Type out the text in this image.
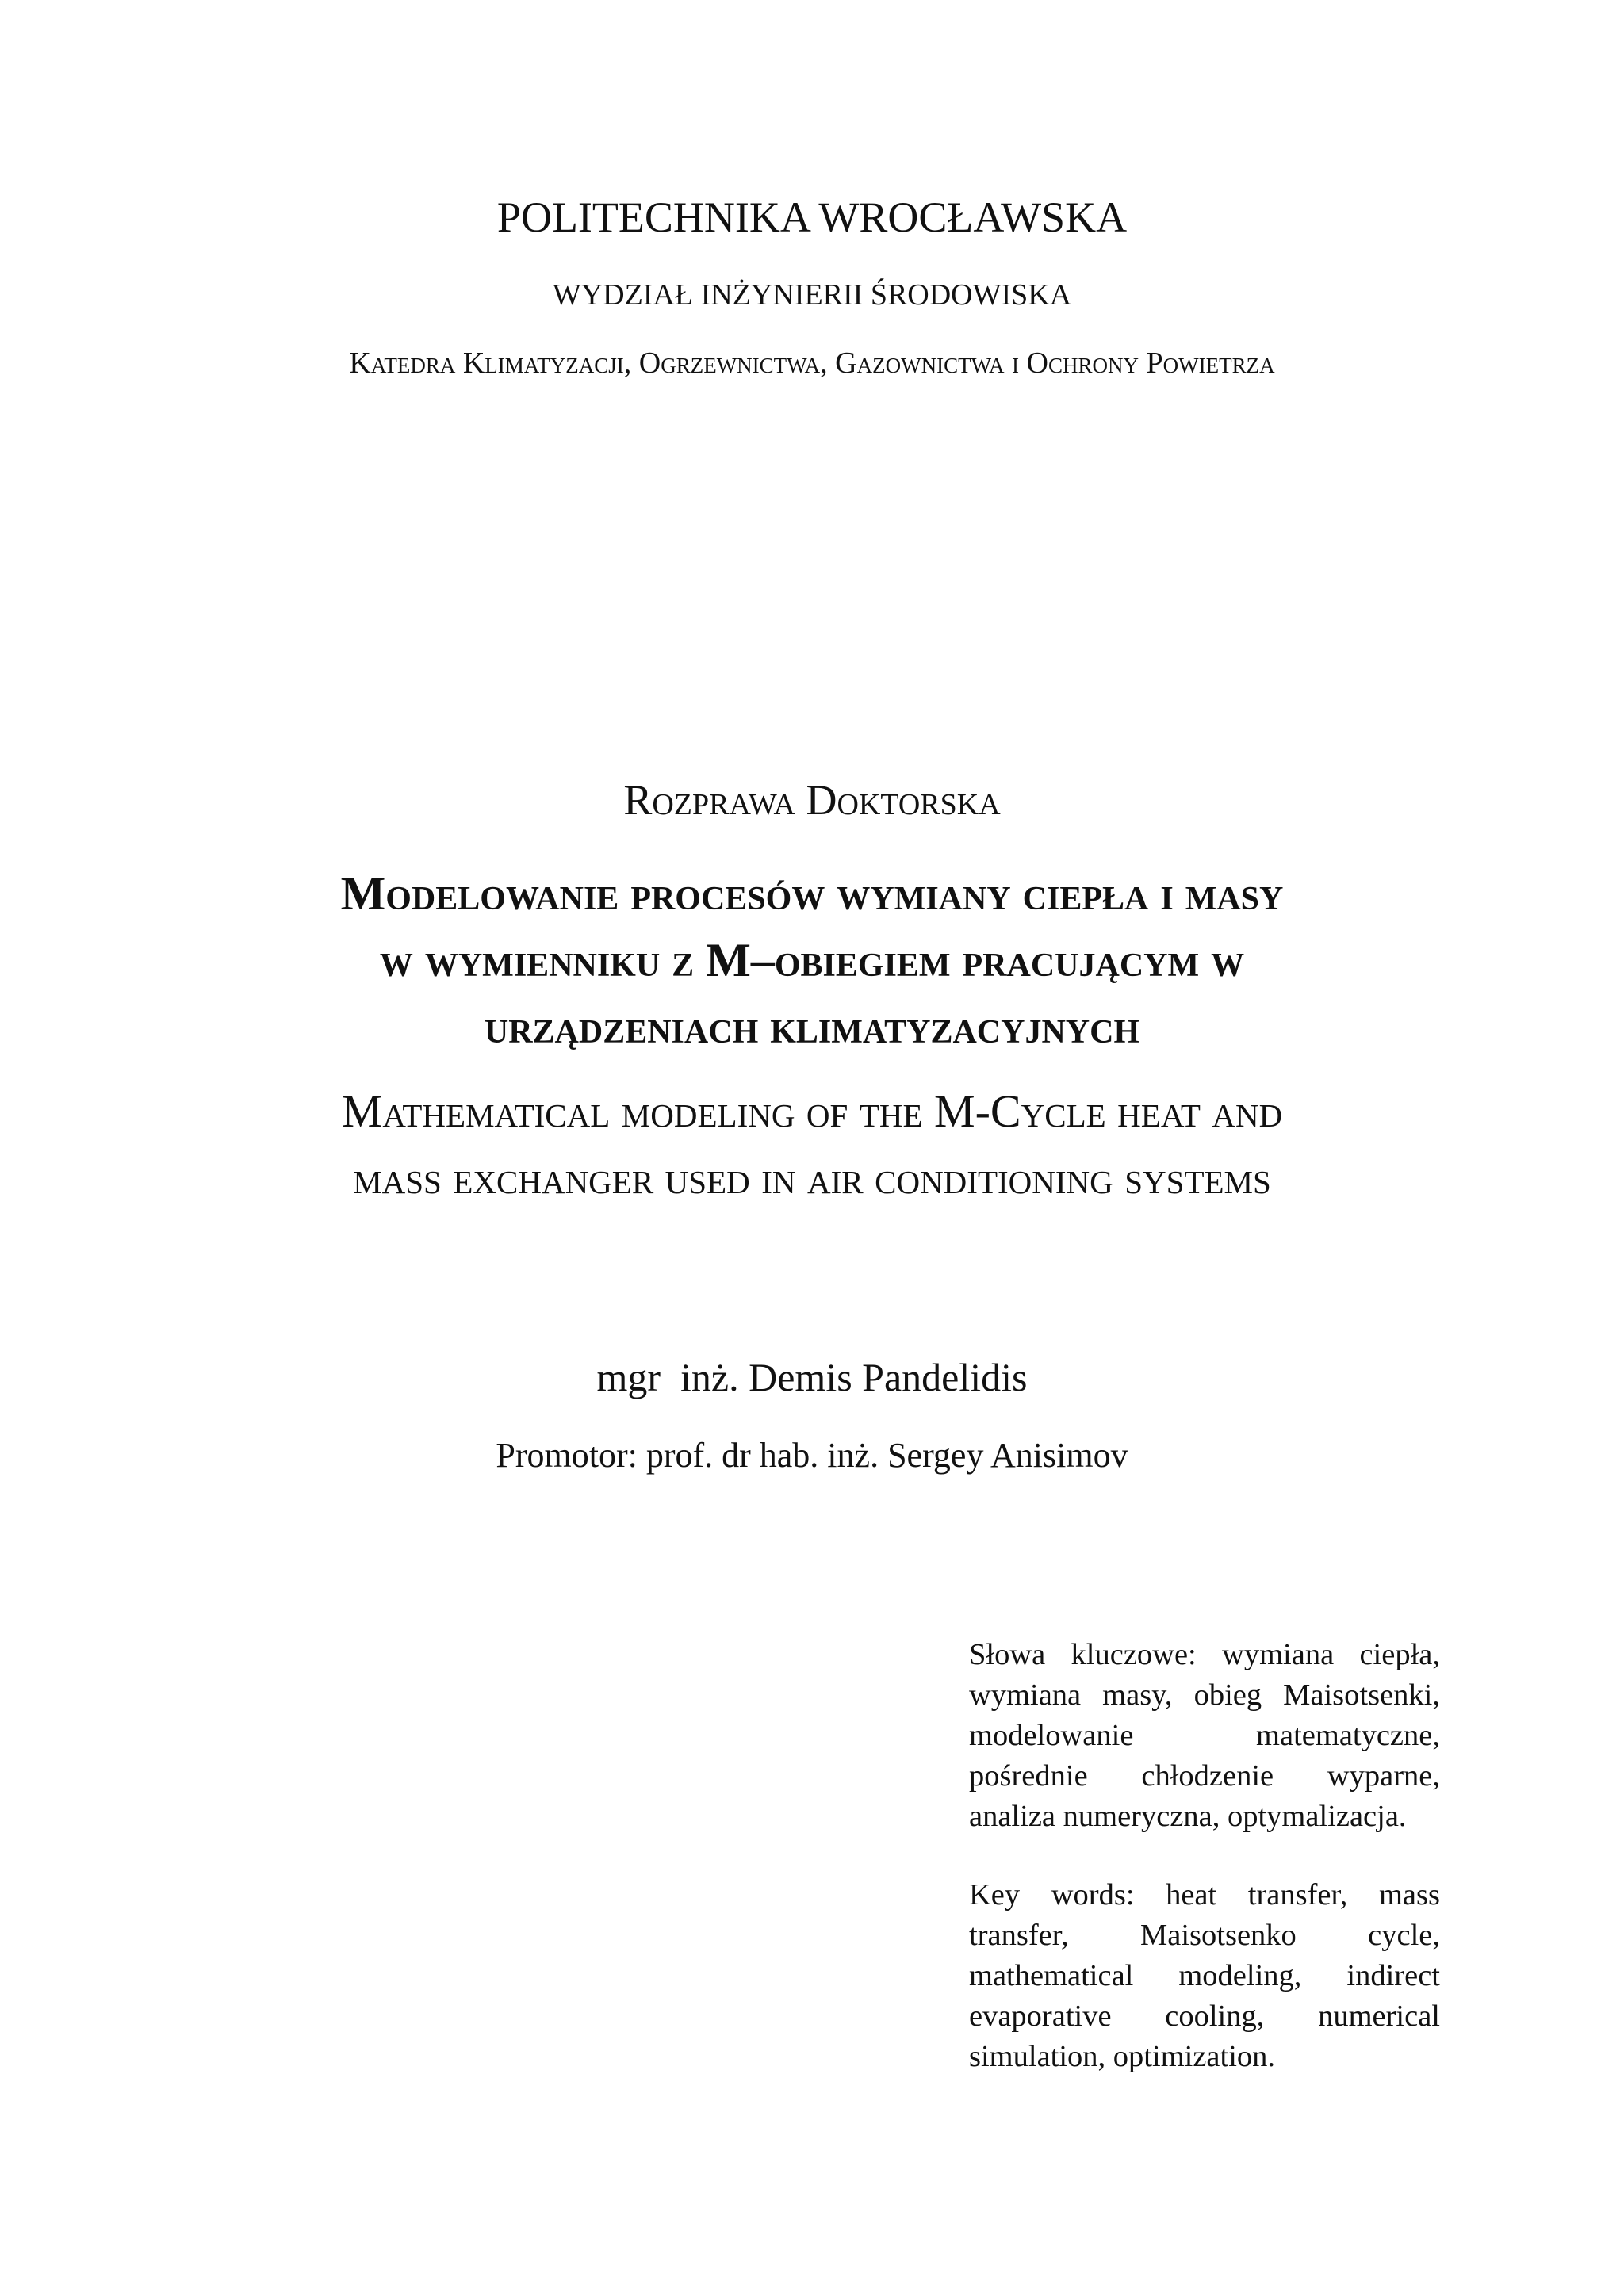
POLITECHNIKA WROCŁAWSKA
WYDZIAŁ INŻYNIERII ŚRODOWISKA
Katedra Klimatyzacji, Ogrzewnictwa, Gazownictwa i Ochrony Powietrza
Rozprawa Doktorska
Modelowanie procesów wymiany ciepła i masy
w wymienniku z M–obiegiem pracującym w
urządzeniach klimatyzacyjnych
Mathematical modeling of the M-Cycle heat and
mass exchanger used in air conditioning systems
mgr  inż. Demis Pandelidis
Promotor: prof. dr hab. inż. Sergey Anisimov
Słowa kluczowe: wymiana ciepła, wymiana masy, obieg Maisotsenki, modelowanie matematyczne, pośrednie chłodzenie wyparne, analiza numeryczna, optymalizacja.
Key words: heat transfer, mass transfer, Maisotsenko cycle, mathematical modeling, indirect evaporative cooling, numerical simulation, optimization.
